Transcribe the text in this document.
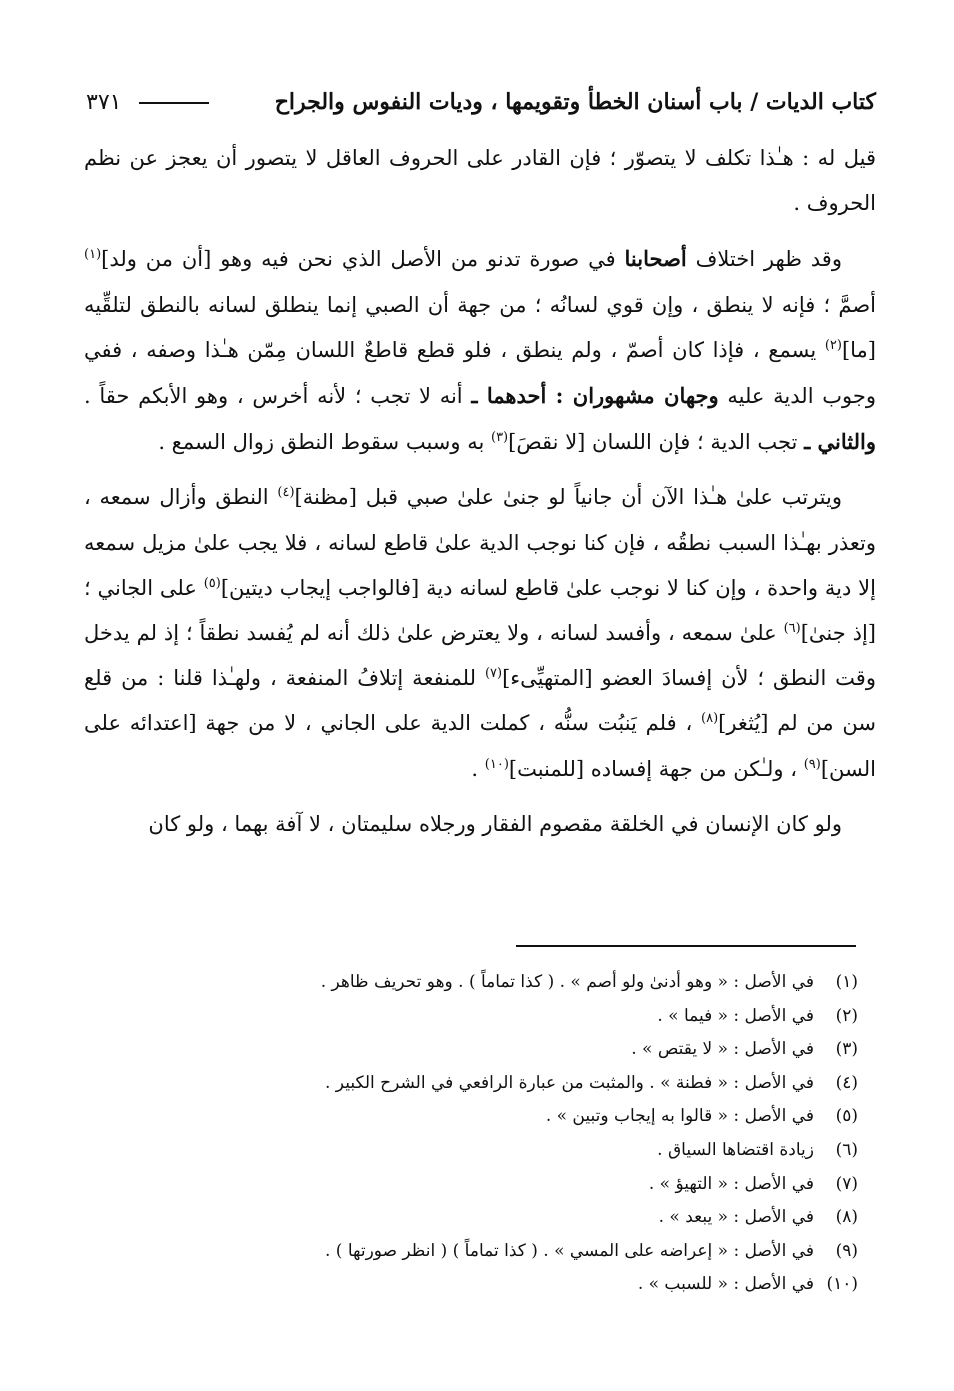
كتاب الديات / باب أسنان الخطأ وتقويمها ، وديات النفوس والجراح
٣٧١

قيل له : هـٰذا تكلف لا يتصوّر ؛ فإن القادر على الحروف العاقل لا يتصور أن يعجز عن نظم الحروف .

وقد ظهر اختلاف أصحابنا في صورة تدنو من الأصل الذي نحن فيه وهو [أن من ولد]$^{(١)}$ أصمَّ ؛ فإنه لا ينطق ، وإن قوي لسانُه ؛ من جهة أن الصبي إنما ينطلق لسانه بالنطق لتلقِّيه [ما]$^{(٢)}$ يسمع ، فإذا كان أصمّ ، ولم ينطق ، فلو قطع قاطعٌ اللسان مِمّن هـٰذا وصفه ، ففي وجوب الدية عليه وجهان مشهوران : أحدهما ـ أنه لا تجب ؛ لأنه أخرس ، وهو الأبكم حقاً . والثاني ـ تجب الدية ؛ فإن اللسان [لا نقصَ]$^{(٣)}$ به وسبب سقوط النطق زوال السمع .

ويترتب علىٰ هـٰذا الآن أن جانياً لو جنىٰ علىٰ صبي قبل [مظنة]$^{(٤)}$ النطق وأزال سمعه ، وتعذر بهـٰذا السبب نطقُه ، فإن كنا نوجب الدية علىٰ قاطع لسانه ، فلا يجب علىٰ مزيل سمعه إلا دية واحدة ، وإن كنا لا نوجب علىٰ قاطع لسانه دية [فالواجب إيجاب ديتين]$^{(٥)}$ على الجاني ؛ [إذ جنىٰ]$^{(٦)}$ علىٰ سمعه ، وأفسد لسانه ، ولا يعترض علىٰ ذلك أنه لم يُفسد نطقاً ؛ إذ لم يدخل وقت النطق ؛ لأن إفسادَ العضو [المتهيِّىء]$^{(٧)}$ للمنفعة إتلافُ المنفعة ، ولهـٰذا قلنا : من قلع سن من لم [يُثغر]$^{(٨)}$ ، فلم يَنبُت سنُّه ، كملت الدية على الجاني ، لا من جهة [اعتدائه على السن]$^{(٩)}$ ، ولـٰكن من جهة إفساده [للمنبت]$^{(١٠)}$ .

ولو كان الإنسان في الخلقة مقصوم الفقار ورجلاه سليمتان ، لا آفة بهما ، ولو كان

(١)
في الأصل : « وهو أدنىٰ ولو أصم » . ( كذا تماماً ) . وهو تحريف ظاهر .
(٢)
في الأصل : « فيما » .
(٣)
في الأصل : « لا يقتص » .
(٤)
في الأصل : « فطنة » . والمثبت من عبارة الرافعي في الشرح الكبير .
(٥)
في الأصل : « قالوا به إيجاب وتبين » .
(٦)
زيادة اقتضاها السياق .
(٧)
في الأصل : « التهيؤ » .
(٨)
في الأصل : « يبعد » .
(٩)
في الأصل : « إعراضه على المسي » . ( كذا تماماً ) ( انظر صورتها ) .
(١٠)
في الأصل : « للسبب » .
